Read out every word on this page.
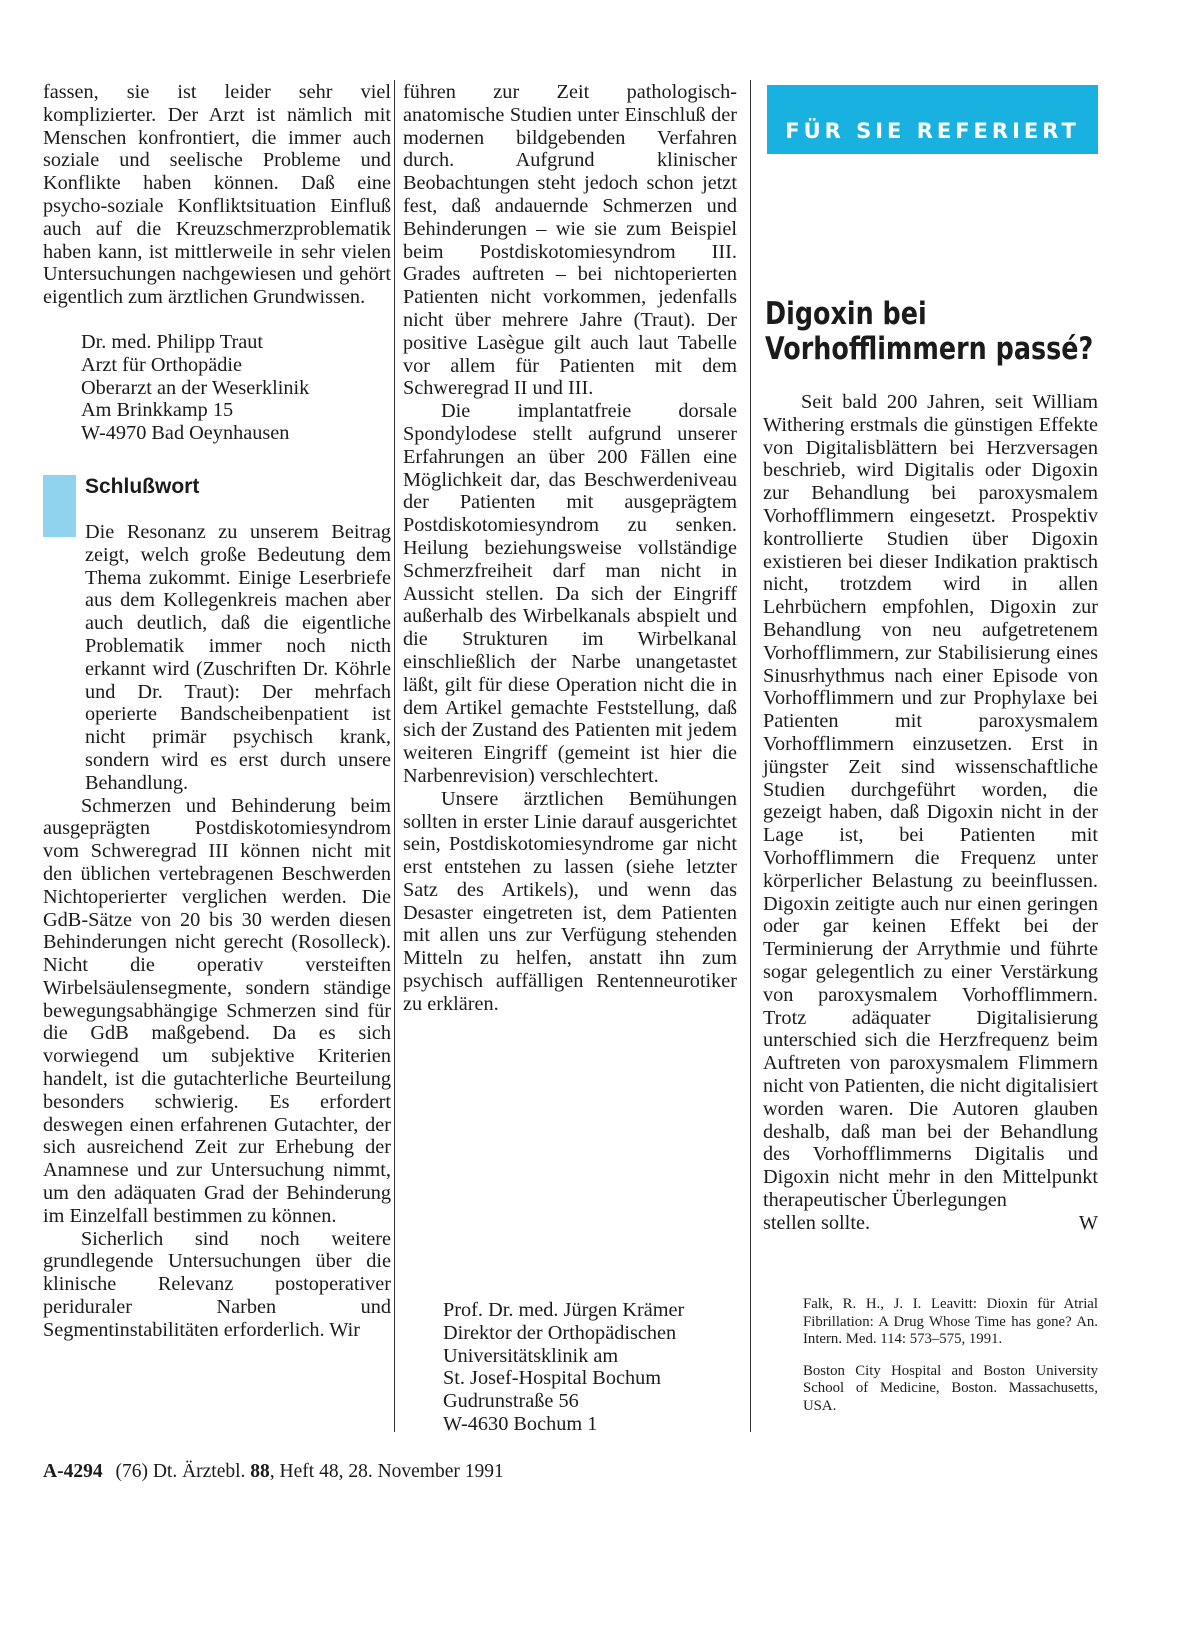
fassen, sie ist leider sehr viel komplizierter. Der Arzt ist nämlich mit Menschen konfrontiert, die immer auch soziale und seelische Probleme und Konflikte haben können. Daß eine psycho-soziale Konfliktsituation Einfluß auch auf die Kreuzschmerzproblematik haben kann, ist mittlerweile in sehr vielen Untersuchungen nachgewiesen und gehört eigentlich zum ärztlichen Grundwissen.

Dr. med. Philipp Traut
Arzt für Orthopädie
Oberarzt an der Weserklinik
Am Brinkkamp 15
W-4970 Bad Oeynhausen

Schlußwort

Die Resonanz zu unserem Beitrag zeigt, welch große Bedeutung dem Thema zukommt. Einige Leserbriefe aus dem Kollegenkreis machen aber auch deutlich, daß die eigentliche Problematik immer noch nicth erkannt wird (Zuschriften Dr. Köhrle und Dr. Traut): Der mehrfach operierte Bandscheibenpatient ist nicht primär psychisch krank, sondern wird es erst durch unsere Behandlung.

Schmerzen und Behinderung beim ausgeprägten Postdiskotomiesyndrom vom Schweregrad III können nicht mit den üblichen vertebragenen Beschwerden Nichtoperierter verglichen werden. Die GdB-Sätze von 20 bis 30 werden diesen Behinderungen nicht gerecht (Rosolleck). Nicht die operativ versteiften Wirbelsäulensegmente, sondern ständige bewegungsabhängige Schmerzen sind für die GdB maßgebend. Da es sich vorwiegend um subjektive Kriterien handelt, ist die gutachterliche Beurteilung besonders schwierig. Es erfordert deswegen einen erfahrenen Gutachter, der sich ausreichend Zeit zur Erhebung der Anamnese und zur Untersuchung nimmt, um den adäquaten Grad der Behinderung im Einzelfall bestimmen zu können.

Sicherlich sind noch weitere grundlegende Untersuchungen über die klinische Relevanz postoperativer periduraler Narben und Segmentinstabilitäten erforderlich. Wir

führen zur Zeit pathologisch-anatomische Studien unter Einschluß der modernen bildgebenden Verfahren durch. Aufgrund klinischer Beobachtungen steht jedoch schon jetzt fest, daß andauernde Schmerzen und Behinderungen – wie sie zum Beispiel beim Postdiskotomiesyndrom III. Grades auftreten – bei nichtoperierten Patienten nicht vorkommen, jedenfalls nicht über mehrere Jahre (Traut). Der positive Lasègue gilt auch laut Tabelle vor allem für Patienten mit dem Schweregrad II und III.

Die implantatfreie dorsale Spondylodese stellt aufgrund unserer Erfahrungen an über 200 Fällen eine Möglichkeit dar, das Beschwerdeniveau der Patienten mit ausgeprägtem Postdiskotomiesyndrom zu senken. Heilung beziehungsweise vollständige Schmerzfreiheit darf man nicht in Aussicht stellen. Da sich der Eingriff außerhalb des Wirbelkanals abspielt und die Strukturen im Wirbelkanal einschließlich der Narbe unangetastet läßt, gilt für diese Operation nicht die in dem Artikel gemachte Feststellung, daß sich der Zustand des Patienten mit jedem weiteren Eingriff (gemeint ist hier die Narbenrevision) verschlechtert.

Unsere ärztlichen Bemühungen sollten in erster Linie darauf ausgerichtet sein, Postdiskotomiesyndrome gar nicht erst entstehen zu lassen (siehe letzter Satz des Artikels), und wenn das Desaster eingetreten ist, dem Patienten mit allen uns zur Verfügung stehenden Mitteln zu helfen, anstatt ihn zum psychisch auffälligen Rentenneurotiker zu erklären.

Prof. Dr. med. Jürgen Krämer
Direktor der Orthopädischen
Universitätsklinik am
St. Josef-Hospital Bochum
Gudrunstraße 56
W-4630 Bochum 1
FÜR SIE REFERIERT
Digoxin bei
Vorhofflimmern passé?

Seit bald 200 Jahren, seit William Withering erstmals die günstigen Effekte von Digitalisblättern bei Herzversagen beschrieb, wird Digitalis oder Digoxin zur Behandlung bei paroxysmalem Vorhofflimmern eingesetzt. Prospektiv kontrollierte Studien über Digoxin existieren bei dieser Indikation praktisch nicht, trotzdem wird in allen Lehrbüchern empfohlen, Digoxin zur Behandlung von neu aufgetretenem Vorhofflimmern, zur Stabilisierung eines Sinusrhythmus nach einer Episode von Vorhofflimmern und zur Prophylaxe bei Patienten mit paroxysmalem Vorhofflimmern einzusetzen. Erst in jüngster Zeit sind wissenschaftliche Studien durchgeführt worden, die gezeigt haben, daß Digoxin nicht in der Lage ist, bei Patienten mit Vorhofflimmern die Frequenz unter körperlicher Belastung zu beeinflussen. Digoxin zeitigte auch nur einen geringen oder gar keinen Effekt bei der Terminierung der Arrythmie und führte sogar gelegentlich zu einer Verstärkung von paroxysmalem Vorhofflimmern. Trotz adäquater Digitalisierung unterschied sich die Herzfrequenz beim Auftreten von paroxysmalem Flimmern nicht von Patienten, die nicht digitalisiert worden waren. Die Autoren glauben deshalb, daß man bei der Behandlung des Vorhofflimmerns Digitalis und Digoxin nicht mehr in den Mittelpunkt therapeutischer Überlegungen

stellen sollte.	W

Falk, R. H., J. I. Leavitt: Dioxin für Atrial Fibrillation: A Drug Whose Time has gone? An. Intern. Med. 114: 573–575, 1991.

Boston City Hospital and Boston University School of Medicine, Boston. Massachusetts, USA.

A-4294 (76) Dt. Ärztebl. 88, Heft 48, 28. November 1991
